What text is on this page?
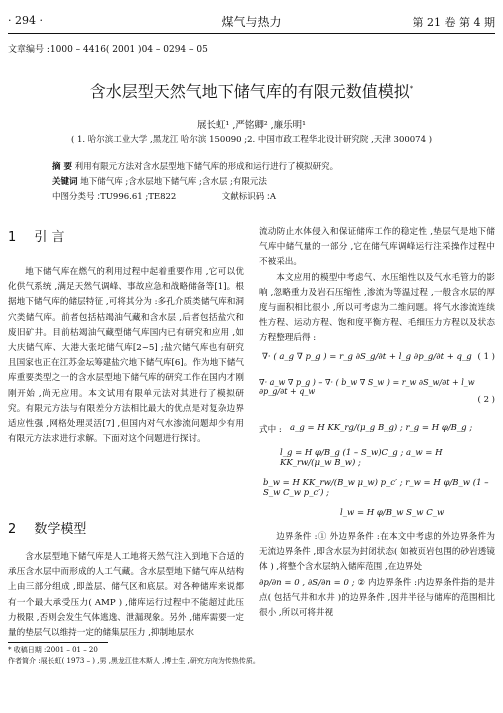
· 294 ·	煤气与热力	第 21 卷 第 4 期
文章编号 :1000 – 4416( 2001 )04 – 0294 – 05
含水层型天然气地下储气库的有限元数值模拟*
展长虹¹ ,严铭卿² ,廉乐明¹
( 1. 哈尔滨工业大学 ,黑龙江 哈尔滨 150090 ;2. 中国市政工程华北设计研究院 ,天津 300074 )
摘 要 利用有限元方法对含水层型地下储气库的形成和运行进行了模拟研究。
关键词 地下储气库 ;含水层地下储气库 ;含水层 ;有限元法
中图分类号 :TU996.61 ;TE822	文献标识码 :A
1 引 言

地下储气库在燃气的利用过程中起着重要作用 ,它可以优化供气系统 ,满足天然气调峰、事故应急和战略储备等[1]。根据地下储气库的储层特征 ,可将其分为 :多孔介质类储气库和洞穴类储气库。前者包括枯竭油气藏和含水层 ,后者包括盐穴和废旧矿井。目前枯竭油气藏型储气库国内已有研究和应用 ,如大庆储气库、大港大张坨储气库[2~5] ;盐穴储气库也有研究且国家也正在江苏金坛筹建盐穴地下储气库[6]。作为地下储气库重要类型之一的含水层型地下储气库的研究工作在国内才刚刚开始 ,尚无应用。本文试用有限单元法对其进行了模拟研究。有限元方法与有限差分方法相比最大的优点是对复杂边界适应性强 ,网格处理灵活[7] ,但国内对气水渗流问题却少有用有限元方法求进行求解。下面对这个问题进行探讨。

2 数学模型

含水层型地下储气库是人工地将天然气注入到地下合适的承压含水层中而形成的人工气藏。含水层型地下储气库从结构上由三部分组成 ,即盖层、储气区和底层。对各种储库来说都有一个最大承受压力( AMP ) ,储库运行过程中不能超过此压力极限 ,否则会发生气体逃逸、泄漏现象。另外 ,储库需要一定量的垫层气以维持一定的储集层压力 ,抑制地层水

流动防止水体侵入和保证储库工作的稳定性 ,垫层气是地下储气库中储气量的一部分 ,它在储气库调峰运行注采操作过程中不被采出。

本文应用的模型中考虑气、水压缩性以及气水毛管力的影响 ,忽略重力及岩石压缩性 ,渗流为等温过程 ,一般含水层的厚度与面积相比很小 ,所以可考虑为二维问题。将气水渗流连续性方程、运动方程、饱和度平衡方程、毛细压力方程以及状态方程整理后得 :

∇· ( a_g ∇ p_g ) = r_g ∂S_g/∂t + l_g ∂p_g/∂t + q_g ( 1 )
∇· a_w ∇ p_g ) – ∇· ( b_w ∇ S_w ) = r_w ∂S_w/∂t + l_w ∂p_g/∂t + q_w
( 2 )
式中 : a_g = H KK_rg/(μ_g B_g) ; r_g = H φ/B_g ;
l_g = H φ/B_g (1 – S_w)C_g ; a_w = H KK_rw/(μ_w B_w) ;
b_w = H KK_rw/(B_w μ_w) p_c′ ; r_w = H φ/B_w (1 – S_w C_w p_c′) ;
l_w = H φ/B_w S_w C_w

边界条件 :① 外边界条件 :在本文中考虑的外边界条件为无流边界条件 ,即含水层为封闭状态( 如被页岩包围的砂岩透镜体 ) ,将整个含水层纳入储库范围 ,在边界处

∂p/∂n = 0 , ∂S/∂n = 0 ; ② 内边界条件 :内边界条件指的是井点( 包括气井和水井 )的边界条件 ,因井半径与储库的范围相比很小 ,所以可将井视

* 收稿日期 :2001 – 01 – 20
作者简介 :展长虹( 1973 – ) ,男 ,黑龙江佳木斯人 ,博士生 ,研究方向为传热传质。
